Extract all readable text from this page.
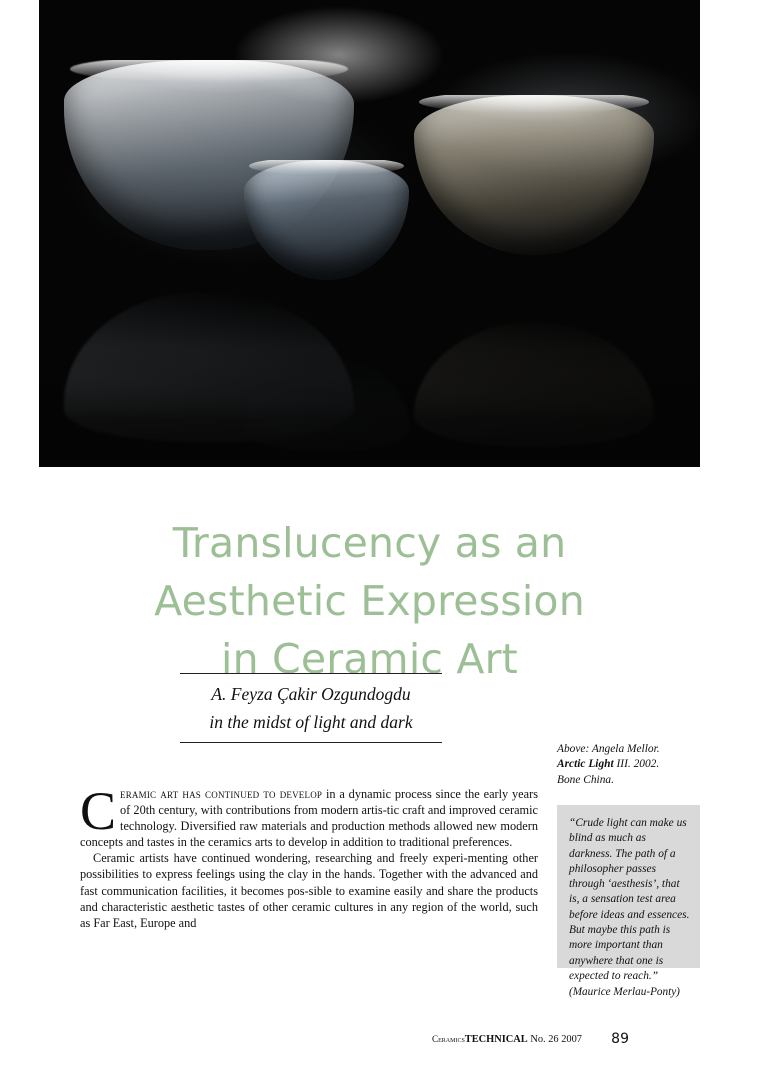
Translucency as an
Aesthetic Expression
in Ceramic Art
A. Feyza Çakir Ozgundogdu
in the midst of light and dark

Ceramic art has continued to develop in a dynamic process since the early years of 20th century, with contributions from modern artis‑tic craft and improved ceramic technology. Diversified raw materials and production methods allowed new modern concepts and tastes in the ceramics arts to develop in addition to traditional preferences.

Ceramic artists have continued wondering, researching and freely experi‑menting other possibilities to express feelings using the clay in the hands. Together with the advanced and fast communication facilities, it becomes pos‑sible to examine easily and share the products and characteristic aesthetic tastes of other ceramic cultures in any region of the world, such as Far East, Europe and

Above: Angela Mellor.
Arctic Light III. 2002.
Bone China.

“Crude light can make us blind as much as darkness. The path of a philosopher passes through ‘aesthesis’, that is, a sensation test area before ideas and essences. But maybe this path is more important than anywhere that one is expected to reach.”

(Maurice Merlau-Ponty)

CeramicsTECHNICAL No. 26 2007 89
